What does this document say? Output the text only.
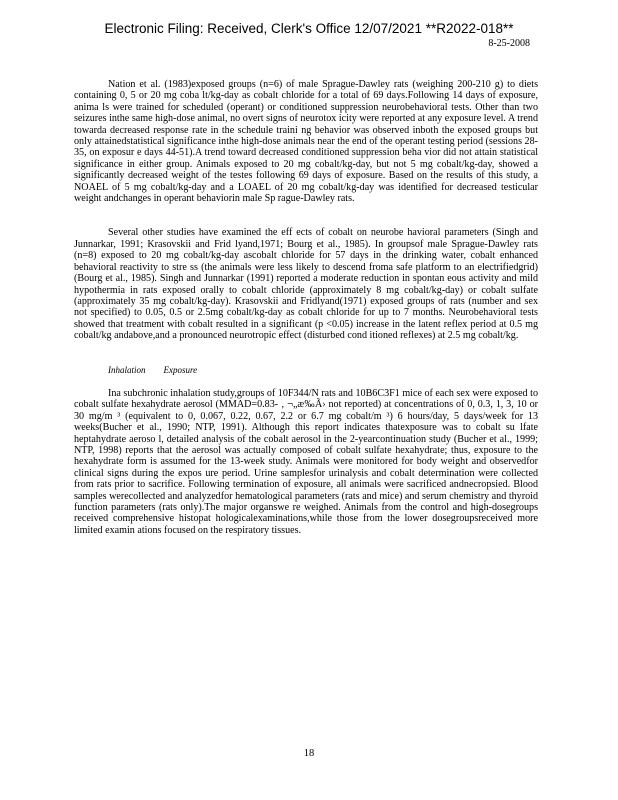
Electronic Filing: Received, Clerk's Office 12/07/2021 **R2022-018**
8-25-2008

Nation et al. (1983)exposed groups (n=6) of male Sprague-Dawley rats (weighing 200-210 g) to diets containing 0, 5 or 20 mg coba lt/kg-day as cobalt chloride for a total of 69 days.Following 14 days of exposure, anima ls were trained for scheduled (operant) or conditioned suppression neurobehavioral tests. Other than two seizures inthe same high-dose animal, no overt signs of neurotox icity were reported at any exposure level. A trend towarda decreased response rate in the schedule traini ng behavior was observed inboth the exposed groups but only attainedstatistical significance inthe high-dose animals near the end of the operant testing period (sessions 28-35, on exposur e days 44-51).A trend toward decreased conditioned suppression beha vior did not attain statistical significance in either group. Animals exposed to 20 mg cobalt/kg-day, but not 5 mg cobalt/kg-day, showed a significantly decreased weight of the testes following 69 days of exposure. Based on the results of this study, a NOAEL of 5 mg cobalt/kg-day and a LOAEL of 20 mg cobalt/kg-day was identified for decreased testicular weight andchanges in operant behaviorin male Sp rague-Dawley rats.

Several other studies have examined the eff ects of cobalt on neurobe havioral parameters (Singh and Junnarkar, 1991; Krasovskii and Frid lyand,1971; Bourg et al., 1985). In groupsof male Sprague-Dawley rats (n=8) exposed to 20 mg cobalt/kg-day ascobalt chloride for 57 days in the drinking water, cobalt enhanced behavioral reactivity to stre ss (the animals were less likely to descend froma safe platform to an electrifiedgrid) (Bourg et al., 1985). Singh and Junnarkar (1991) reported a moderate reduction in spontan eous activity and mild hypothermia in rats exposed orally to cobalt chloride (approximately 8 mg cobalt/kg-day) or cobalt sulfate (approximately 35 mg cobalt/kg-day). Krasovskii and Fridlyand(1971) exposed groups of rats (number and sex not specified) to 0.05, 0.5 or 2.5mg cobalt/kg-day as cobalt chloride for up to 7 months. Neurobehavioral tests showed that treatment with cobalt resulted in a significant (p <0.05) increase in the latent reflex period at 0.5 mg cobalt/kg andabove,and a pronounced neurotropic effect (disturbed cond itioned reflexes) at 2.5 mg cobalt/kg.

Inhalation Exposure

Ina subchronic inhalation study,groups of 10F344/N rats and 10B6C3F1 mice of each sex were exposed to cobalt sulfate hexahydrate aerosol (MMAD=0.83- ‚ ¬„æ‰Ã› not reported) at concentrations of 0, 0.3, 1, 3, 10 or 30 mg/m ³ (equivalent to 0, 0.067, 0.22, 0.67, 2.2 or 6.7 mg cobalt/m ³) 6 hours/day, 5 days/week for 13 weeks(Bucher et al., 1990; NTP, 1991). Although this report indicates thatexposure was to cobalt su lfate heptahydrate aeroso l, detailed analysis of the cobalt aerosol in the 2-yearcontinuation study (Bucher et al., 1999; NTP, 1998) reports that the aerosol was actually composed of cobalt sulfate hexahydrate; thus, exposure to the hexahydrate form is assumed for the 13-week study. Animals were monitored for body weight and observedfor clinical signs during the expos ure period. Urine samplesfor urinalysis and cobalt determination were collected from rats prior to sacrifice. Following termination of exposure, all animals were sacrificed andnecropsied. Blood samples werecollected and analyzedfor hematological parameters (rats and mice) and serum chemistry and thyroid function parameters (rats only).The major organswe re weighed. Animals from the control and high-dosegroups received comprehensive histopat hologicalexaminations,while those from the lower dosegroupsreceived more limited examin ations focused on the respiratory tissues.

18
